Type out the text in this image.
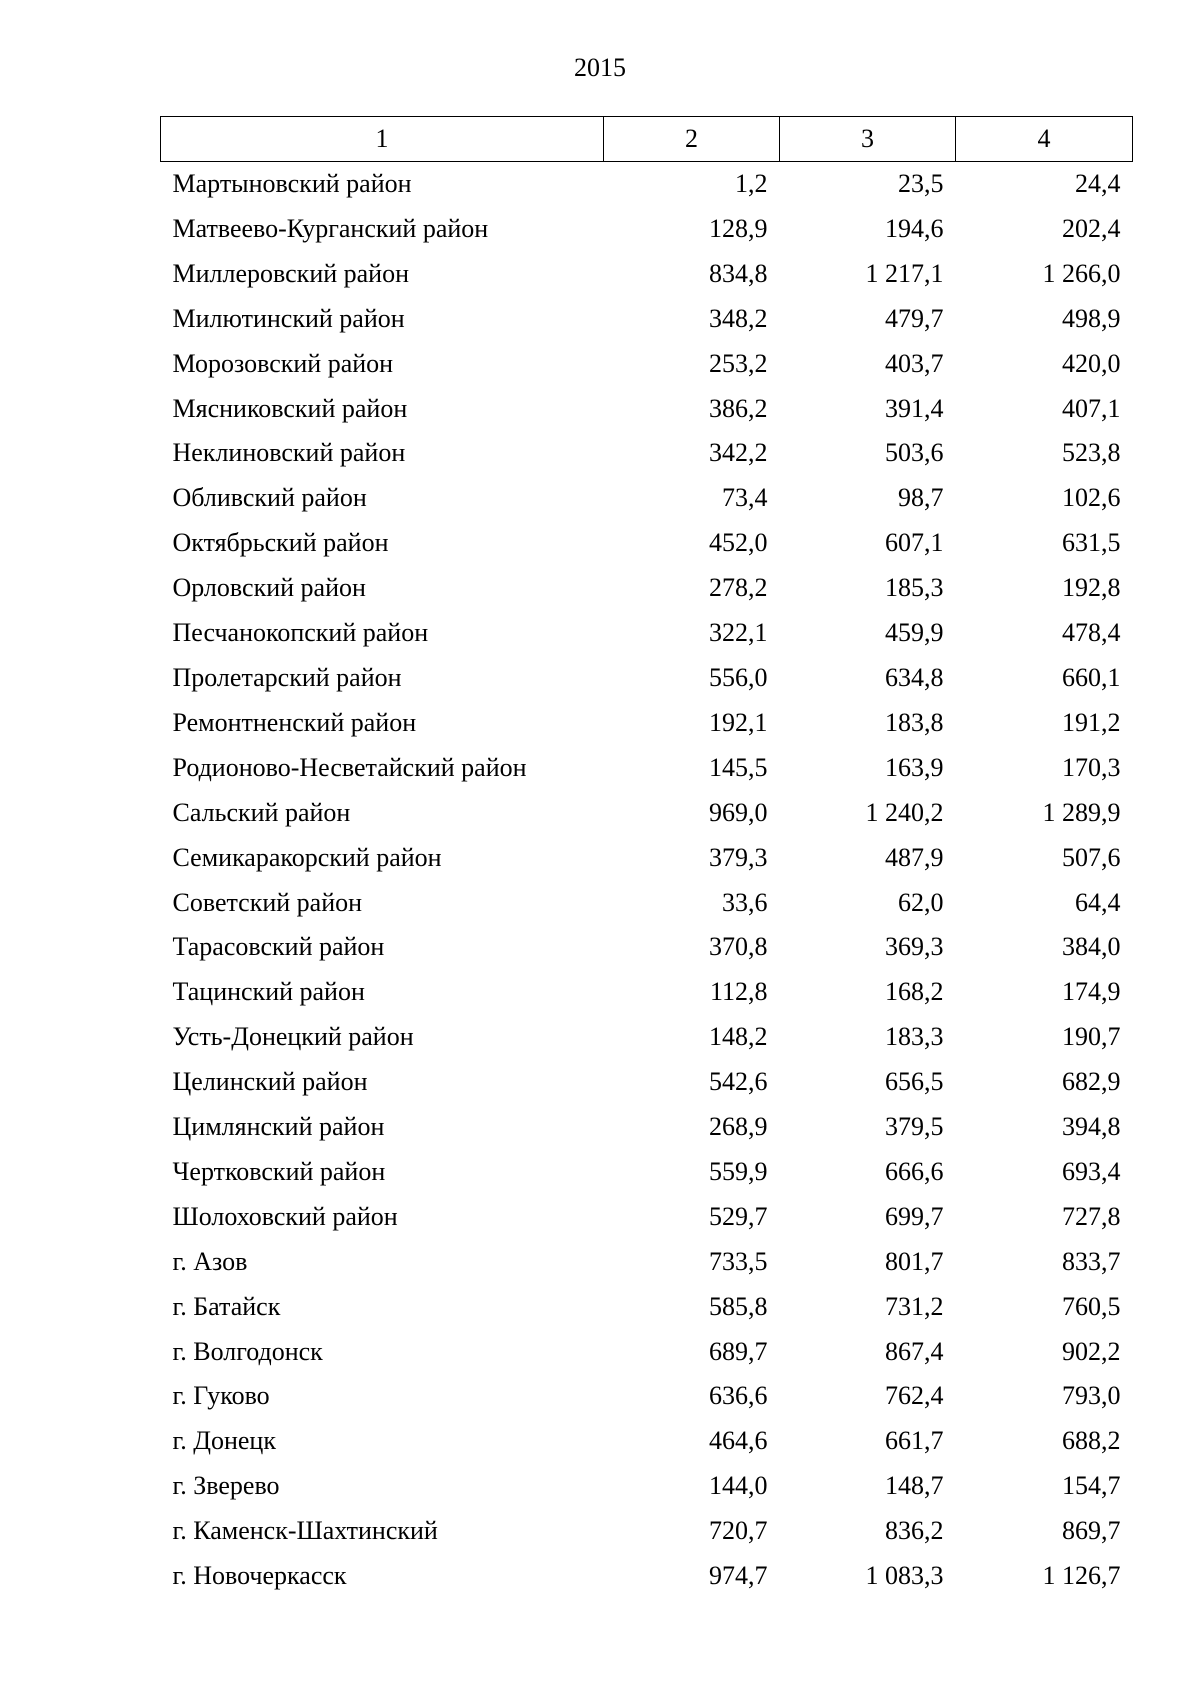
2015
1	2	3	4
Мартыновский район	1,2	23,5	24,4
Матвеево-Курганский район	128,9	194,6	202,4
Миллеровский район	834,8	1 217,1	1 266,0
Милютинский район	348,2	479,7	498,9
Морозовский район	253,2	403,7	420,0
Мясниковский район	386,2	391,4	407,1
Неклиновский район	342,2	503,6	523,8
Обливский район	73,4	98,7	102,6
Октябрьский район	452,0	607,1	631,5
Орловский район	278,2	185,3	192,8
Песчанокопский район	322,1	459,9	478,4
Пролетарский район	556,0	634,8	660,1
Ремонтненский район	192,1	183,8	191,2
Родионово-Несветайский район	145,5	163,9	170,3
Сальский район	969,0	1 240,2	1 289,9
Семикаракорский район	379,3	487,9	507,6
Советский район	33,6	62,0	64,4
Тарасовский район	370,8	369,3	384,0
Тацинский район	112,8	168,2	174,9
Усть-Донецкий район	148,2	183,3	190,7
Целинский район	542,6	656,5	682,9
Цимлянский район	268,9	379,5	394,8
Чертковский район	559,9	666,6	693,4
Шолоховский район	529,7	699,7	727,8
г. Азов	733,5	801,7	833,7
г. Батайск	585,8	731,2	760,5
г. Волгодонск	689,7	867,4	902,2
г. Гуково	636,6	762,4	793,0
г. Донецк	464,6	661,7	688,2
г. Зверево	144,0	148,7	154,7
г. Каменск-Шахтинский	720,7	836,2	869,7
г. Новочеркасск	974,7	1 083,3	1 126,7
